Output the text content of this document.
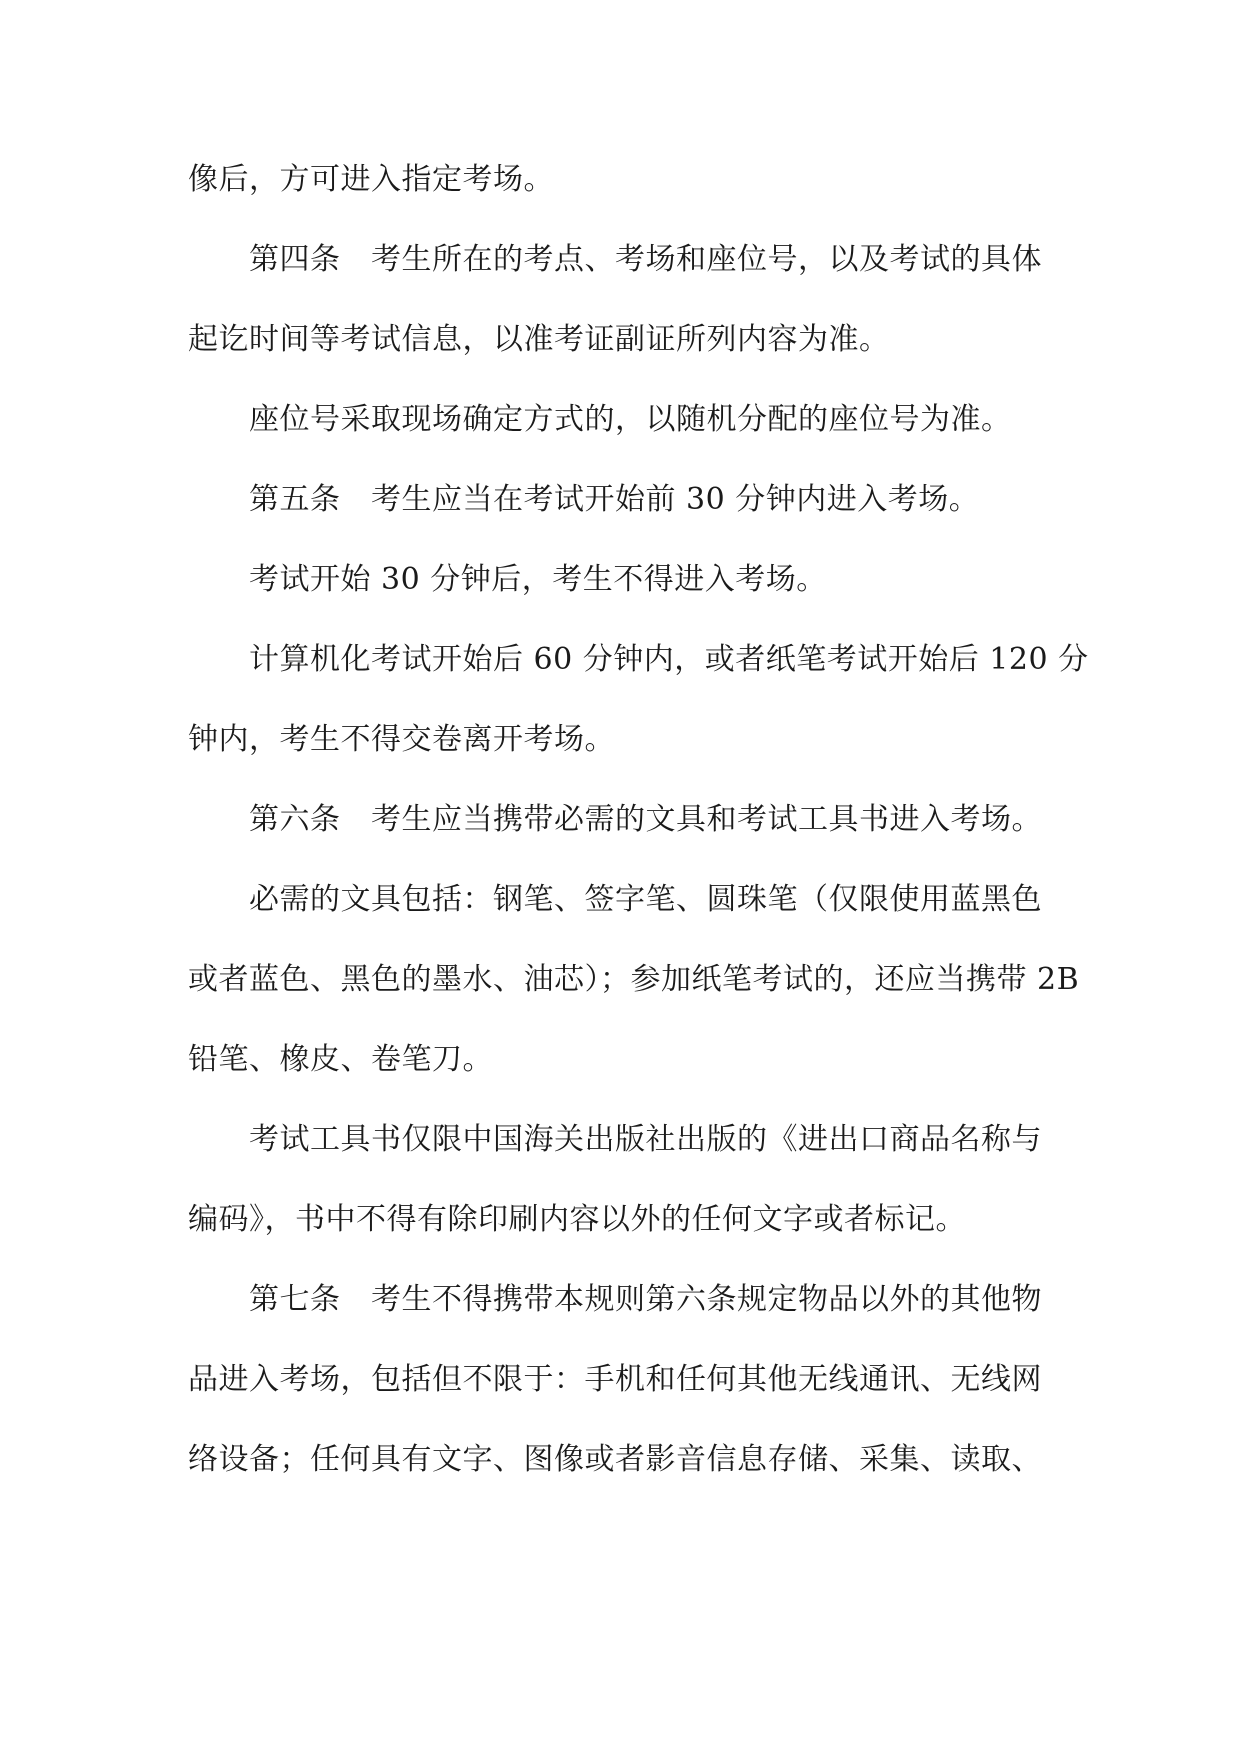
像后，方可进入指定考场。
第四条　考生所在的考点、考场和座位号，以及考试的具体
起讫时间等考试信息，以准考证副证所列内容为准。
座位号采取现场确定方式的，以随机分配的座位号为准。
第五条　考生应当在考试开始前 30 分钟内进入考场。
考试开始 30 分钟后，考生不得进入考场。
计算机化考试开始后 60 分钟内，或者纸笔考试开始后 120 分
钟内，考生不得交卷离开考场。
第六条　考生应当携带必需的文具和考试工具书进入考场。
必需的文具包括：钢笔、签字笔、圆珠笔（仅限使用蓝黑色
或者蓝色、黑色的墨水、油芯）；参加纸笔考试的，还应当携带 2B
铅笔、橡皮、卷笔刀。
考试工具书仅限中国海关出版社出版的《进出口商品名称与
编码》，书中不得有除印刷内容以外的任何文字或者标记。
第七条　考生不得携带本规则第六条规定物品以外的其他物
品进入考场，包括但不限于：手机和任何其他无线通讯、无线网
络设备；任何具有文字、图像或者影音信息存储、采集、读取、
